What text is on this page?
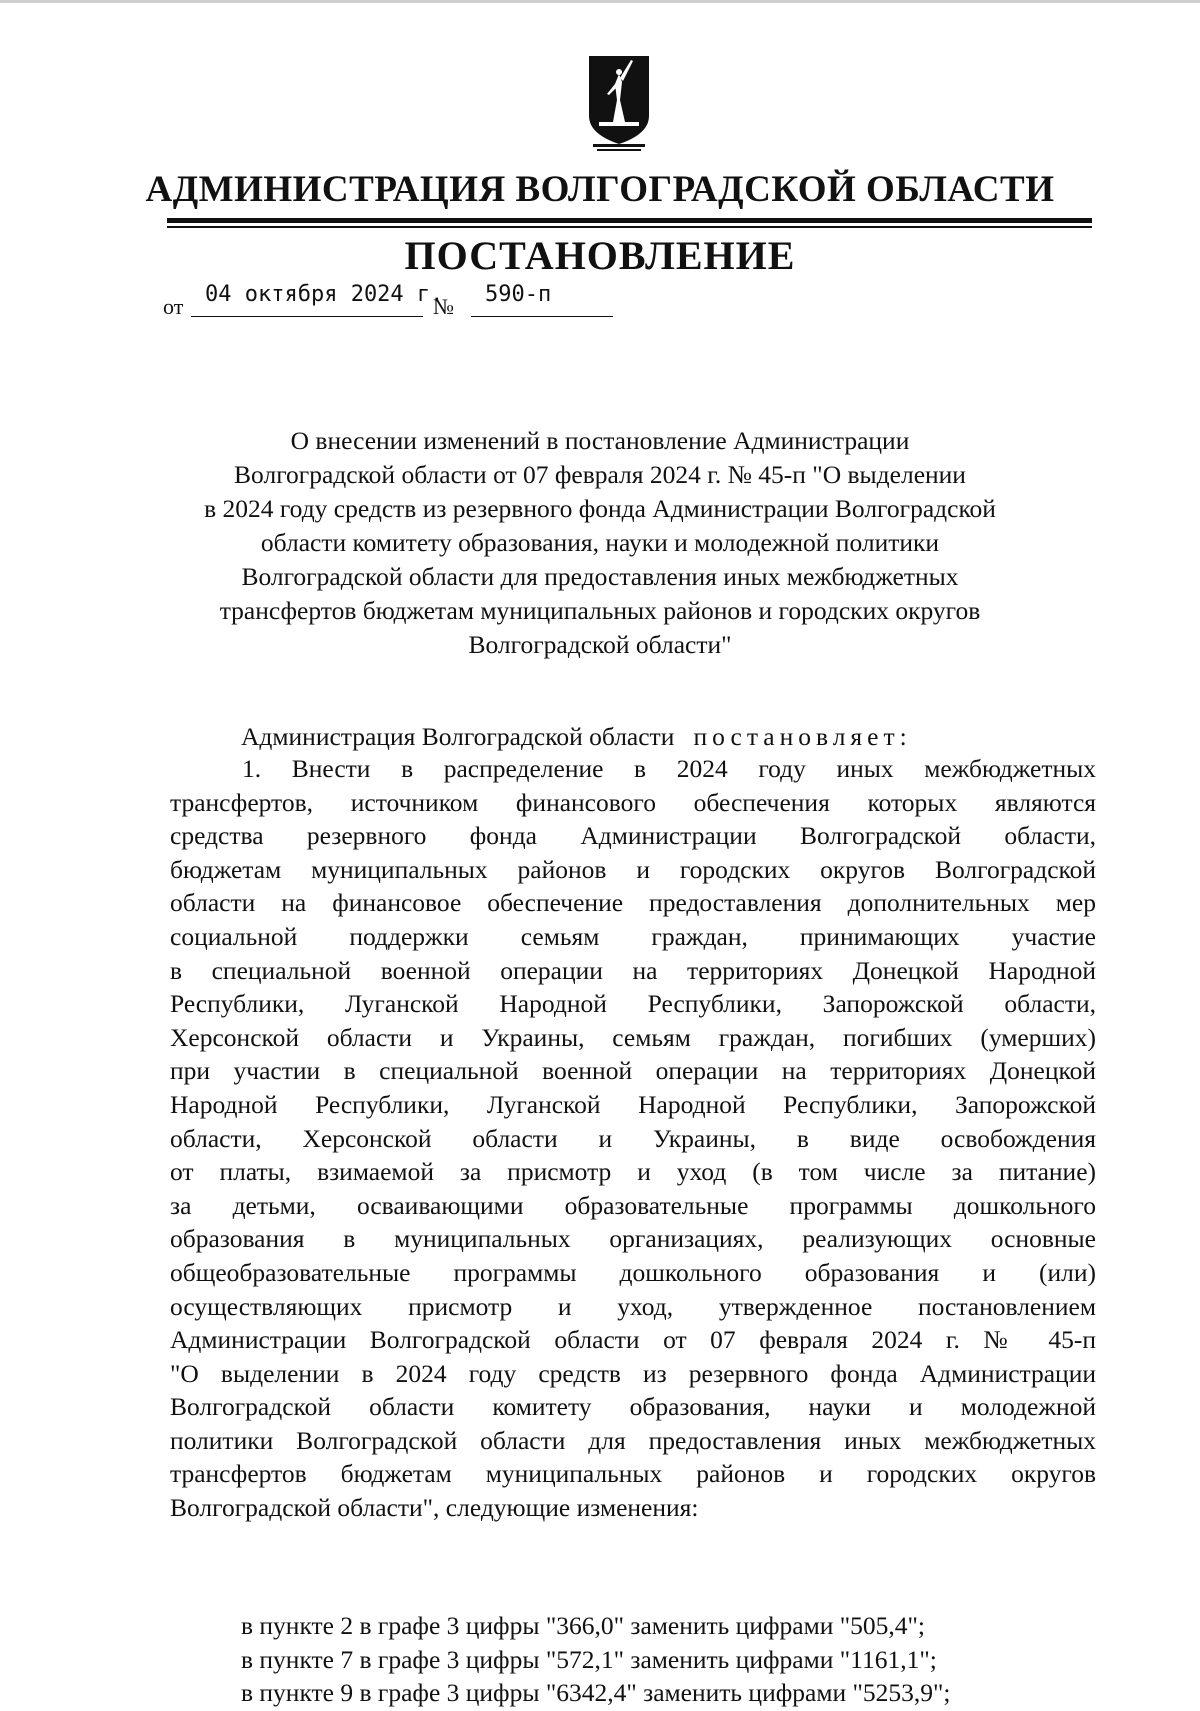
АДМИНИСТРАЦИЯ ВОЛГОГРАДСКОЙ ОБЛАСТИ
ПОСТАНОВЛЕНИЕ
от 04 октября 2024 г.
№ 590-п
О внесении изменений в постановление Администрации
Волгоградской области от 07 февраля 2024 г. № 45-п "О выделении
в 2024 году средств из резервного фонда Администрации Волгоградской
области комитету образования, науки и молодежной политики
Волгоградской области для предоставления иных межбюджетных
трансфертов бюджетам муниципальных районов и городских округов
Волгоградской области"
Администрация Волгоградской области постановляет:
1. Внести в распределение в 2024 году иных межбюджетных
трансфертов, источником финансового обеспечения которых являются
средства резервного фонда Администрации Волгоградской области,
бюджетам муниципальных районов и городских округов Волгоградской
области на финансовое обеспечение предоставления дополнительных мер
социальной поддержки семьям граждан, принимающих участие
в специальной военной операции на территориях Донецкой Народной
Республики, Луганской Народной Республики, Запорожской области,
Херсонской области и Украины, семьям граждан, погибших (умерших)
при участии в специальной военной операции на территориях Донецкой
Народной Республики, Луганской Народной Республики, Запорожской
области, Херсонской области и Украины, в виде освобождения
от платы, взимаемой за присмотр и уход (в том числе за питание)
за детьми, осваивающими образовательные программы дошкольного
образования в муниципальных организациях, реализующих основные
общеобразовательные программы дошкольного образования и (или)
осуществляющих присмотр и уход, утвержденное постановлением
Администрации Волгоградской области от 07 февраля 2024 г. № 45-п
"О выделении в 2024 году средств из резервного фонда Администрации
Волгоградской области комитету образования, науки и молодежной
политики Волгоградской области для предоставления иных межбюджетных
трансфертов бюджетам муниципальных районов и городских округов
Волгоградской области", следующие изменения:
в пункте 2 в графе 3 цифры "366,0" заменить цифрами "505,4";
в пункте 7 в графе 3 цифры "572,1" заменить цифрами "1161,1";
в пункте 9 в графе 3 цифры "6342,4" заменить цифрами "5253,9";
